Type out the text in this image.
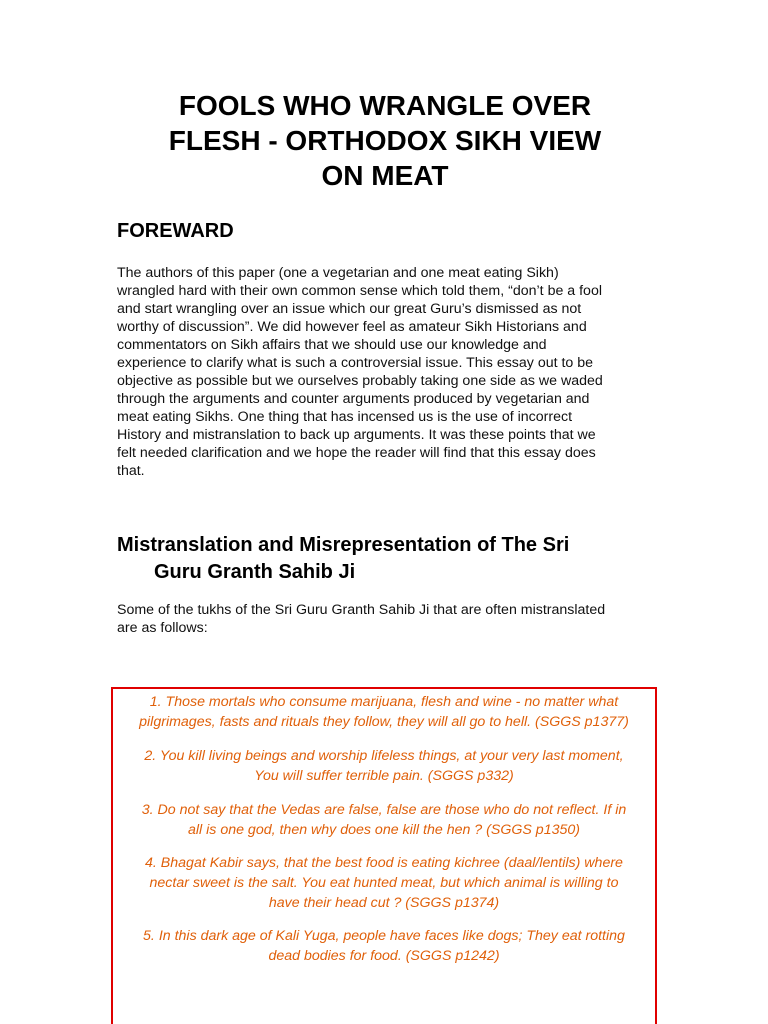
FOOLS WHO WRANGLE OVER
FLESH - ORTHODOX SIKH VIEW
ON MEAT
FOREWARD
The authors of this paper (one a vegetarian and one meat eating Sikh)
wrangled hard with their own common sense which told them, “don’t be a fool
and start wrangling over an issue which our great Guru’s dismissed as not
worthy of discussion”. We did however feel as amateur Sikh Historians and
commentators on Sikh affairs that we should use our knowledge and
experience to clarify what is such a controversial issue. This essay out to be
objective as possible but we ourselves probably taking one side as we waded
through the arguments and counter arguments produced by vegetarian and
meat eating Sikhs. One thing that has incensed us is the use of incorrect
History and mistranslation to back up arguments. It was these points that we
felt needed clarification and we hope the reader will find that this essay does
that.
Mistranslation and Misrepresentation of The Sri
Guru Granth Sahib Ji
Some of the tukhs of the Sri Guru Granth Sahib Ji that are often mistranslated
are as follows:
1. Those mortals who consume marijuana, flesh and wine - no matter what
pilgrimages, fasts and rituals they follow, they will all go to hell. (SGGS p1377)
2. You kill living beings and worship lifeless things, at your very last moment,
You will suffer terrible pain. (SGGS p332)
3. Do not say that the Vedas are false, false are those who do not reflect. If in
all is one god, then why does one kill the hen ? (SGGS p1350)
4. Bhagat Kabir says, that the best food is eating kichree (daal/lentils) where
nectar sweet is the salt. You eat hunted meat, but which animal is willing to
have their head cut ? (SGGS p1374)
5. In this dark age of Kali Yuga, people have faces like dogs; They eat rotting
dead bodies for food. (SGGS p1242)
